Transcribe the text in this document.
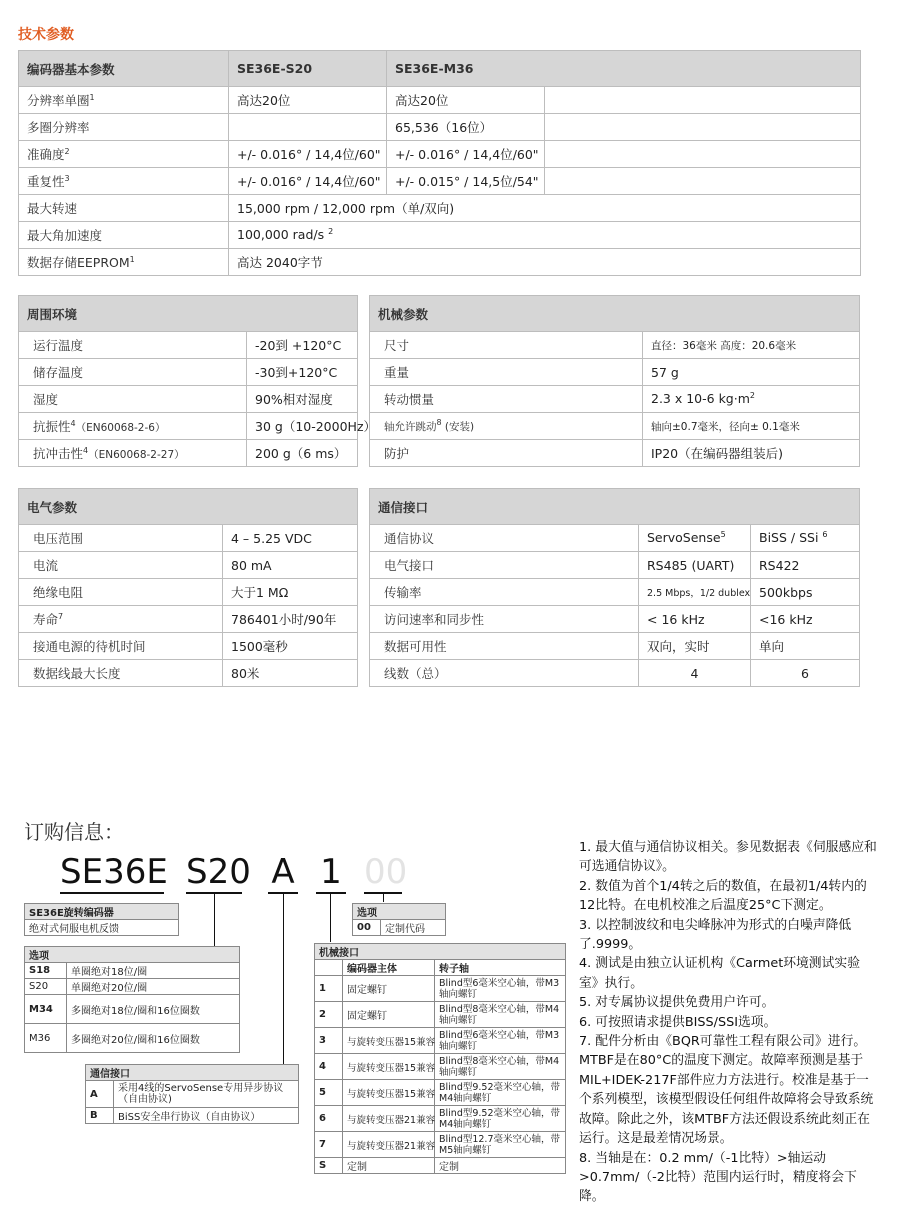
技术参数
编码器基本参数	SE36E-S20	SE36E-M36	
分辨率单圈$^1$	高达20位	高达20位	
多圈分辨率		65,536（16位）	
准确度$^2$	+/- 0.016° / 14,4位/60"	+/- 0.016° / 14,4位/60"	
重复性$^3$	+/- 0.016° / 14,4位/60"	+/- 0.015° / 14,5位/54"	
最大转速	15,000 rpm / 12,000 rpm（单/双向)		
最大角加速度	100,000 rad/s $^2$
数据存储EEPROM$^1$	高达 2040字节		
周围环境	
运行温度	-20到 +120°C
储存温度	-30到+120°C
湿度	90%相对湿度
抗振性$^4$（EN60068-2-6）	30 g（10-2000Hz）
抗冲击性$^4$（EN60068-2-27）	200 g（6 ms）
机械参数	
尺寸	直径：36毫米 高度：20.6毫米
重量	57 g
转动惯量	2.3 x 10-6 $kg\cdot m^2$
轴允许跳动$^8$ (安装)	轴向±0.7毫米，径向± 0.1毫米
防护	IP20（在编码器组装后)
电气参数	
电压范围	4 – 5.25 VDC
电流	80 mA
绝缘电阻	大于1 MΩ
寿命$^7$	786401小时/90年
接通电源的待机时间	1500毫秒
数据线最大长度	80米
通信接口		
通信协议	ServoSense$^5$	BiSS / SSi $^6$
电气接口	RS485 (UART)	RS422
传输率	2.5 Mbps，1/2 dublex	500kbps
访问速率和同步性	< 16 kHz	<16 kHz
数据可用性	双向，实时	单向
线数（总）	4	6
订购信息：
SE36E S20 A 1 00
SE36E旋转编码器
绝对式伺服电机反馈
选项	
S18	单圈绝对18位/圈
S20	单圈绝对20位/圈
M34	多圈绝对18位/圈和16位圈数
M36	多圈绝对20位/圈和16位圈数
通信接口	
A	采用4线的ServoSense专用异步协议（自由协议)
B	BiSS安全串行协议（自由协议）
选项
00	定制代码
机械接口		
	编码器主体	转子轴
1	固定螺钉	Blind型6毫米空心轴，带M3轴向螺钉
2	固定螺钉	Blind型8毫米空心轴，带M4轴向螺钉
3	与旋转变压器15兼容	Blind型6毫米空心轴，带M3轴向螺钉
4	与旋转变压器15兼容	Blind型8毫米空心轴，带M4轴向螺钉
5	与旋转变压器15兼容	Blind型9.52毫米空心轴，带M4轴向螺钉
6	与旋转变压器21兼容	Blind型9.52毫米空心轴，带M4轴向螺钉
7	与旋转变压器21兼容	Blind型12.7毫米空心轴，带M5轴向螺钉
S	定制	定制
1. 最大值与通信协议相关。参见数据表《伺服感应和可选通信协议》。
2. 数值为首个1/4转之后的数值，在最初1/4转内的12比特。在电机校准之后温度25°C下测定。
3. 以控制波纹和电尖峰脉冲为形式的白噪声降低了.9999。
4. 测试是由独立认证机构《Carmet环境测试实验室》执行。
5. 对专属协议提供免费用户许可。
6. 可按照请求提供BISS/SSI选项。
7. 配件分析由《BQR可靠性工程有限公司》进行。MTBF是在80°C的温度下测定。故障率预测是基于MIL+IDEK-217F部件应力方法进行。校准是基于一个系列模型，该模型假设任何组件故障将会导致系统故障。除此之外，该MTBF方法还假设系统此刻正在运行。这是最差情况场景。
8. 当轴是在：0.2 mm/（-1比特）>轴运动>0.7mm/（-2比特）范围内运行时，精度将会下降。
